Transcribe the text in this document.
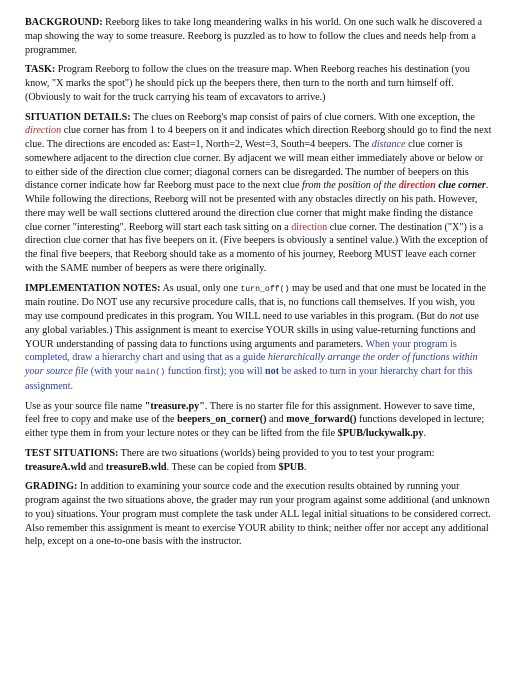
BACKGROUND: Reeborg likes to take long meandering walks in his world. On one such walk he discovered a map showing the way to some treasure. Reeborg is puzzled as to how to follow the clues and needs help from a programmer.

TASK: Program Reeborg to follow the clues on the treasure map. When Reeborg reaches his destination (you know, "X marks the spot") he should pick up the beepers there, then turn to the north and turn himself off. (Obviously to wait for the truck carrying his team of excavators to arrive.)

SITUATION DETAILS: The clues on Reeborg's map consist of pairs of clue corners. With one exception, the direction clue corner has from 1 to 4 beepers on it and indicates which direction Reeborg should go to find the next clue. The directions are encoded as: East=1, North=2, West=3, South=4 beepers. The distance clue corner is somewhere adjacent to the direction clue corner. By adjacent we will mean either immediately above or below or to either side of the direction clue corner; diagonal corners can be disregarded. The number of beepers on this distance corner indicate how far Reeborg must pace to the next clue from the position of the direction clue corner. While following the directions, Reeborg will not be presented with any obstacles directly on his path. However, there may well be wall sections cluttered around the direction clue corner that might make finding the distance clue corner "interesting". Reeborg will start each task sitting on a direction clue corner. The destination ("X") is a direction clue corner that has five beepers on it. (Five beepers is obviously a sentinel value.) With the exception of the final five beepers, that Reeborg should take as a momento of his journey, Reeborg MUST leave each corner with the SAME number of beepers as were there originally.

IMPLEMENTATION NOTES: As usual, only one turn_off() may be used and that one must be located in the main routine. Do NOT use any recursive procedure calls, that is, no functions call themselves. If you wish, you may use compound predicates in this program. You WILL need to use variables in this program. (But do not use any global variables.) This assignment is meant to exercise YOUR skills in using value-returning functions and YOUR understanding of passing data to functions using arguments and parameters. When your program is completed, draw a hierarchy chart and using that as a guide hierarchically arrange the order of functions within your source file (with your main() function first); you will not be asked to turn in your hierarchy chart for this assignment.

Use as your source file name "treasure.py". There is no starter file for this assignment. However to save time, feel free to copy and make use of the beepers_on_corner() and move_forward() functions developed in lecture; either type them in from your lecture notes or they can be lifted from the file $PUB/luckywalk.py.

TEST SITUATIONS: There are two situations (worlds) being provided to you to test your program: treasureA.wld and treasureB.wld. These can be copied from $PUB.

GRADING: In addition to examining your source code and the execution results obtained by running your program against the two situations above, the grader may run your program against some additional (and unknown to you) situations. Your program must complete the task under ALL legal initial situations to be considered correct. Also remember this assignment is meant to exercise YOUR ability to think; neither offer nor accept any additional help, except on a one-to-one basis with the instructor.
